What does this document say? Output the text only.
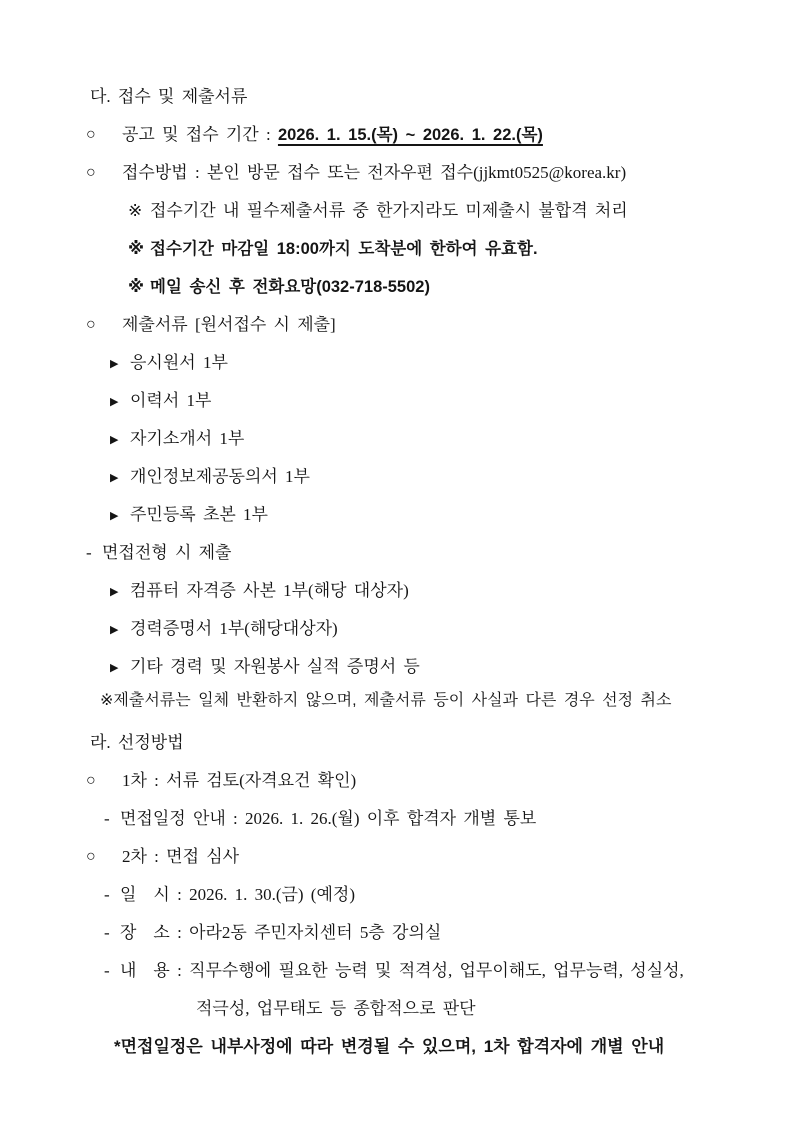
다. 접수 및 제출서류
○	공고 및 접수 기간 : 2026. 1. 15.(목) ~ 2026. 1. 22.(목)
○	접수방법 : 본인 방문 접수 또는 전자우편 접수(jjkmt0525@korea.kr)
※ 접수기간 내 필수제출서류 중 한가지라도 미제출시 불합격 처리
※ 접수기간 마감일 18:00까지 도착분에 한하여 유효함.
※ 메일 송신 후 전화요망(032-718-5502)
○	제출서류 [원서접수 시 제출]
▶ 응시원서 1부
▶ 이력서 1부
▶ 자기소개서 1부
▶ 개인정보제공동의서 1부
▶ 주민등록 초본 1부
- 면접전형 시 제출
▶ 컴퓨터 자격증 사본 1부(해당 대상자)
▶ 경력증명서 1부(해당대상자)
▶ 기타 경력 및 자원봉사 실적 증명서 등
※제출서류는 일체 반환하지 않으며, 제출서류 등이 사실과 다른 경우 선정 취소
라. 선정방법
○	1차 : 서류 검토(자격요건 확인)
- 면접일정 안내 : 2026. 1. 26.(월) 이후 합격자 개별 통보
○	2차 : 면접 심사
- 일　시 : 2026. 1. 30.(금) (예정)
- 장　소 : 아라2동 주민자치센터 5층 강의실
- 내　용 : 직무수행에 필요한 능력 및 적격성, 업무이해도, 업무능력, 성실성,
적극성, 업무태도 등 종합적으로 판단
*면접일정은 내부사정에 따라 변경될 수 있으며, 1차 합격자에 개별 안내
